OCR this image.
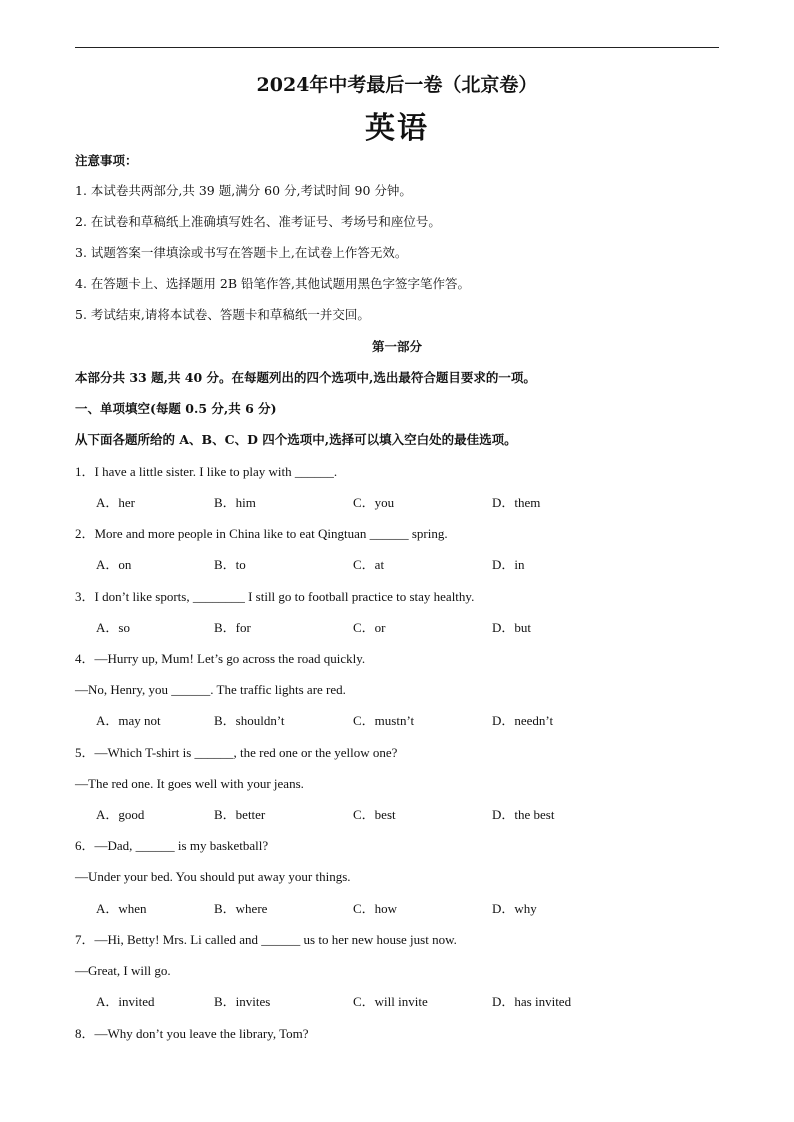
2024年中考最后一卷（北京卷）
英语
注意事项：
1. 本试卷共两部分,共 39 题,满分 60 分,考试时间 90 分钟。
2. 在试卷和草稿纸上准确填写姓名、准考证号、考场号和座位号。
3. 试题答案一律填涂或书写在答题卡上,在试卷上作答无效。
4. 在答题卡上、选择题用 2B 铅笔作答,其他试题用黑色字签字笔作答。
5. 考试结束,请将本试卷、答题卡和草稿纸一并交回。
第一部分
本部分共 33 题,共 40 分。在每题列出的四个选项中,选出最符合题目要求的一项。
一、单项填空(每题 0.5 分,共 6 分)
从下面各题所给的 A、B、C、D 四个选项中,选择可以填入空白处的最佳选项。
1．I have a little sister. I like to play with ______.
A．her	B．him	C．you	D．them
2．More and more people in China like to eat Qingtuan ______ spring.
A．on	B．to	C．at	D．in
3．I don’t like sports, ________ I still go to football practice to stay healthy.
A．so	B．for	C．or	D．but
4．—Hurry up, Mum! Let’s go across the road quickly.
—No, Henry, you ______. The traffic lights are red.
A．may not	B．shouldn’t	C．mustn’t	D．needn’t
5．—Which T-shirt is ______, the red one or the yellow one?
—The red one. It goes well with your jeans.
A．good	B．better	C．best	D．the best
6．—Dad, ______ is my basketball?
—Under your bed. You should put away your things.
A．when	B．where	C．how	D．why
7．—Hi, Betty! Mrs. Li called and ______ us to her new house just now.
—Great, I will go.
A．invited	B．invites	C．will invite	D．has invited
8．—Why don’t you leave the library, Tom?
